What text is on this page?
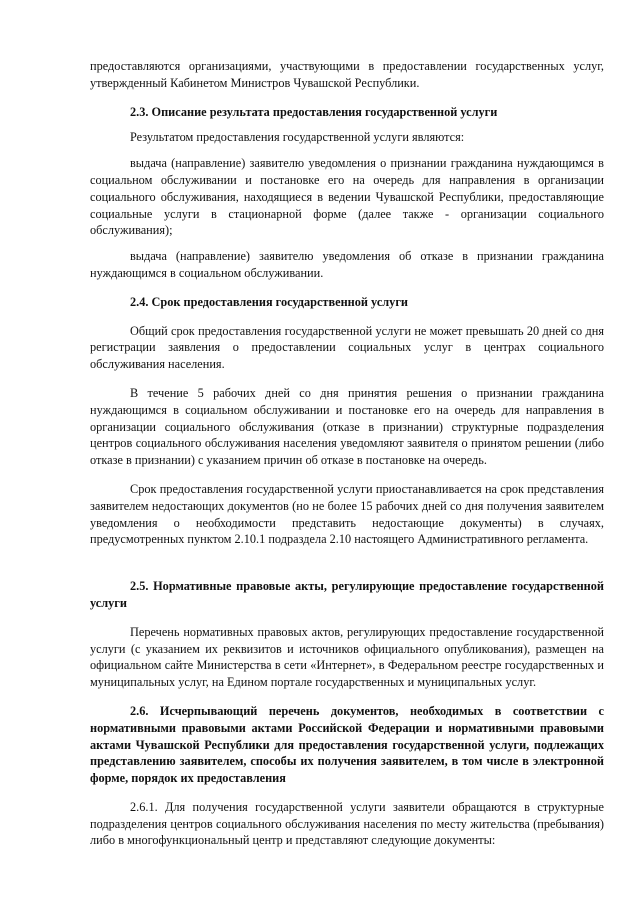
предоставляются организациями, участвующими в предоставлении государственных услуг, утвержденный Кабинетом Министров Чувашской Республики.

2.3. Описание результата предоставления государственной услуги

Результатом предоставления государственной услуги являются:

выдача (направление) заявителю уведомления о признании гражданина нуждающимся в социальном обслуживании и постановке его на очередь для направления в организации социального обслуживания, находящиеся в ведении Чувашской Республики, предоставляющие социальные услуги в стационарной форме (далее также - организации социального обслуживания);

выдача (направление) заявителю уведомления об отказе в признании гражданина нуждающимся в социальном обслуживании.

2.4. Срок предоставления государственной услуги

Общий срок предоставления государственной услуги не может превышать 20 дней со дня регистрации заявления о предоставлении социальных услуг в центрах социального обслуживания населения.

В течение 5 рабочих дней со дня принятия решения о признании гражданина нуждающимся в социальном обслуживании и постановке его на очередь для направления в организации социального обслуживания (отказе в признании) структурные подразделения центров социального обслуживания населения уведомляют заявителя о принятом решении (либо отказе в признании) с указанием причин об отказе в постановке на очередь.

Срок предоставления государственной услуги приостанавливается на срок представления заявителем недостающих документов (но не более 15 рабочих дней со дня получения заявителем уведомления о необходимости представить недостающие документы) в случаях, предусмотренных пунктом 2.10.1 подраздела 2.10 настоящего Административного регламента.

2.5. Нормативные правовые акты, регулирующие предоставление государственной услуги

Перечень нормативных правовых актов, регулирующих предоставление государственной услуги (с указанием их реквизитов и источников официального опубликования), размещен на официальном сайте Министерства в сети «Интернет», в Федеральном реестре государственных и муниципальных услуг, на Едином портале государственных и муниципальных услуг.

2.6. Исчерпывающий перечень документов, необходимых в соответствии с нормативными правовыми актами Российской Федерации и нормативными правовыми актами Чувашской Республики для предоставления государственной услуги, подлежащих представлению заявителем, способы их получения заявителем, в том числе в электронной форме, порядок их предоставления

2.6.1. Для получения государственной услуги заявители обращаются в структурные подразделения центров социального обслуживания населения по месту жительства (пребывания) либо в многофункциональный центр и представляют следующие документы:
